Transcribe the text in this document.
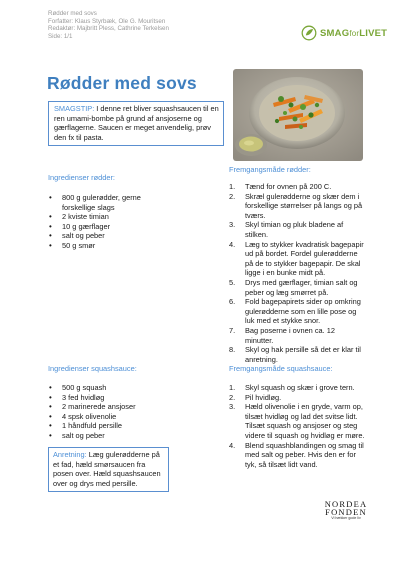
Rødder med sovs
Forfatter: Klaus Styrbæk, Ole G. Mouritsen
Redaktør: Majbritt Pless, Cathrine Terkelsen
Side: 1/1	SMAGforLIVET
Rødder med sovs
SMAGSTIP: I denne ret bliver squashsaucen til en ren umami-bombe på grund af ansjoserne og gærflagerne. Saucen er meget anvendelig, prøv den fx til pasta.
Ingredienser rødder:
• 800 g gulerødder, gerne forskellige slags
• 2 kviste timian
• 10 g gærflager
• salt og peber
• 50 g smør
Fremgangsmåde rødder:
1. Tænd for ovnen på 200 C.
2. Skræl gulerødderne og skær dem i forskellige størrelser på langs og på tværs.
3. Skyl timian og pluk bladene af stilken.
4. Læg to stykker kvadratisk bagepapir ud på bordet. Fordel gulerødderne på de to stykker bagepapir. De skal ligge i en bunke midt på.
5. Drys med gærflager, timian salt og peber og læg smørret på.
6. Fold bagepapirets sider op omkring gulerødderne som en lille pose og luk med et stykke snor.
7. Bag poserne i ovnen ca. 12 minutter.
8. Skyl og hak persille så det er klar til anretning.
Ingredienser squashsauce:
• 500 g squash
• 3 fed hvidløg
• 2 marinerede ansjoser
• 4 spsk olivenolie
• 1 håndfuld persille
• salt og peber
Fremgangsmåde squashsauce:
1. Skyl squash og skær i grove tern.
2. Pil hvidløg.
3. Hæld olivenolie i en gryde, varm op, tilsæt hvidløg og lad det svitse lidt. Tilsæt squash og ansjoser og steg videre til squash og hvidløg er møre.
4. Blend squashblandingen og smag til med salt og peber. Hvis den er for tyk, så tilsæt lidt vand.
Anretning: Læg gulerødderne på et fad, hæld smørsaucen fra posen over. Hæld squashsaucen over og drys med persille.
NORDEA
FONDEN
Vi hækker gode liv
